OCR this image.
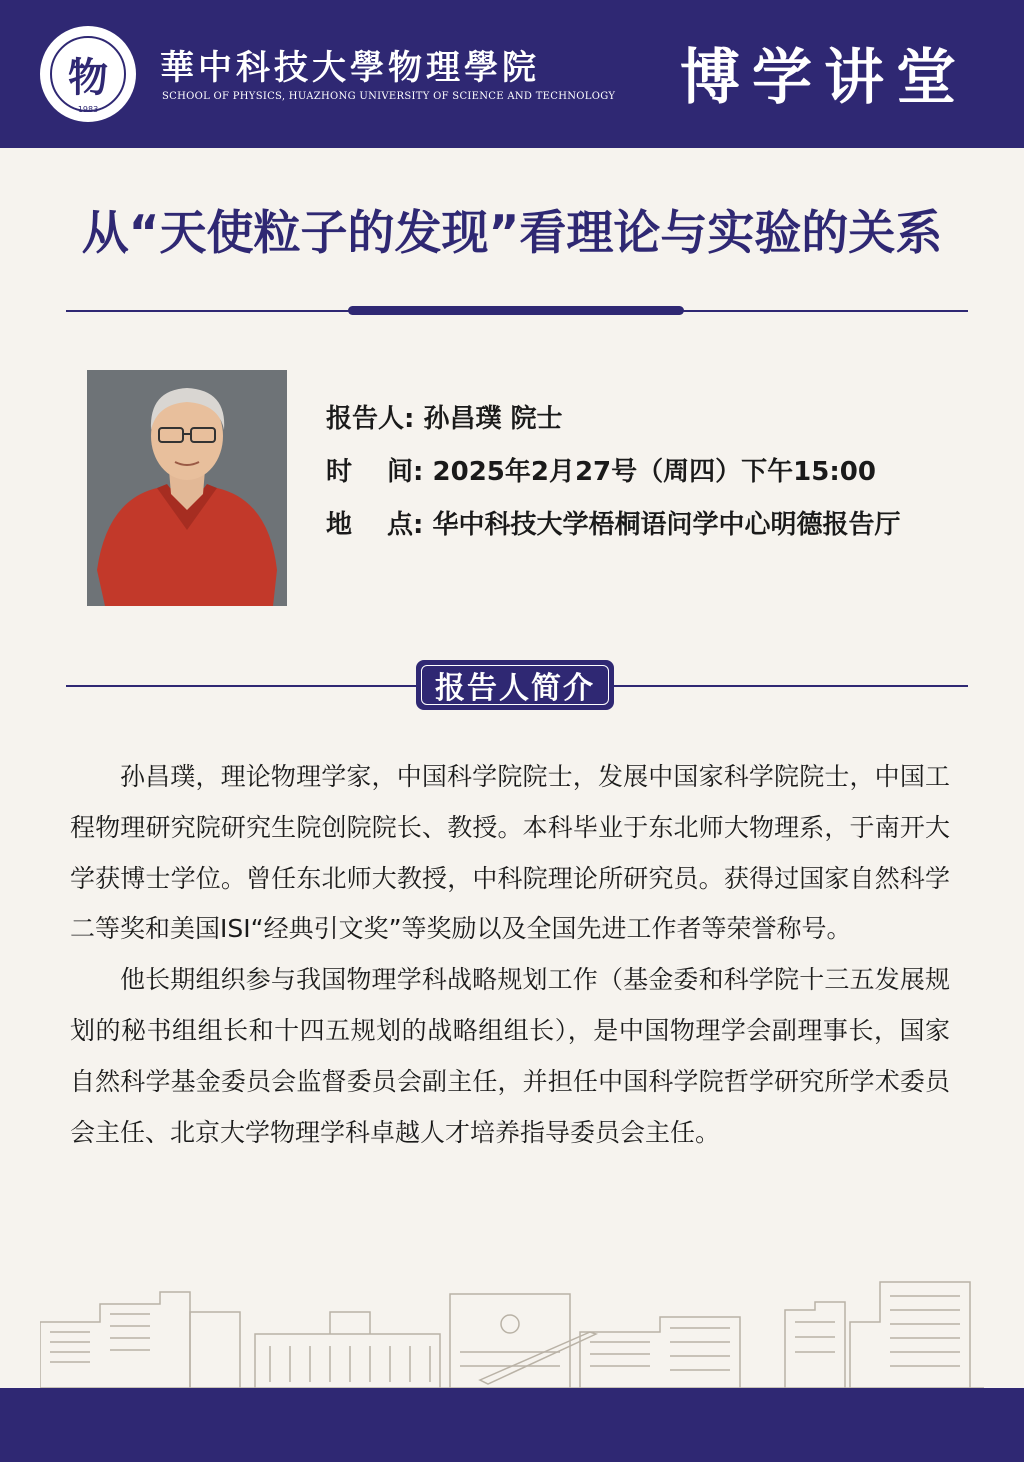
物
1983
華中科技大學物理學院
SCHOOL OF PHYSICS, HUAZHONG UNIVERSITY OF SCIENCE AND TECHNOLOGY 博学讲堂
从“天使粒子的发现”看理论与实验的关系
报告人: 孙昌璞 院士
时　 间: 2025年2月27号（周四）下午15:00
地　 点: 华中科技大学梧桐语问学中心明德报告厅
报告人简介

孙昌璞，理论物理学家，中国科学院院士，发展中国家科学院院士，中国工程物理研究院研究生院创院院长、教授。本科毕业于东北师大物理系，于南开大学获博士学位。曾任东北师大教授，中科院理论所研究员。获得过国家自然科学二等奖和美国ISI“经典引文奖”等奖励以及全国先进工作者等荣誉称号。

他长期组织参与我国物理学科战略规划工作（基金委和科学院十三五发展规划的秘书组组长和十四五规划的战略组组长），是中国物理学会副理事长，国家自然科学基金委员会监督委员会副主任，并担任中国科学院哲学研究所学术委员会主任、北京大学物理学科卓越人才培养指导委员会主任。
